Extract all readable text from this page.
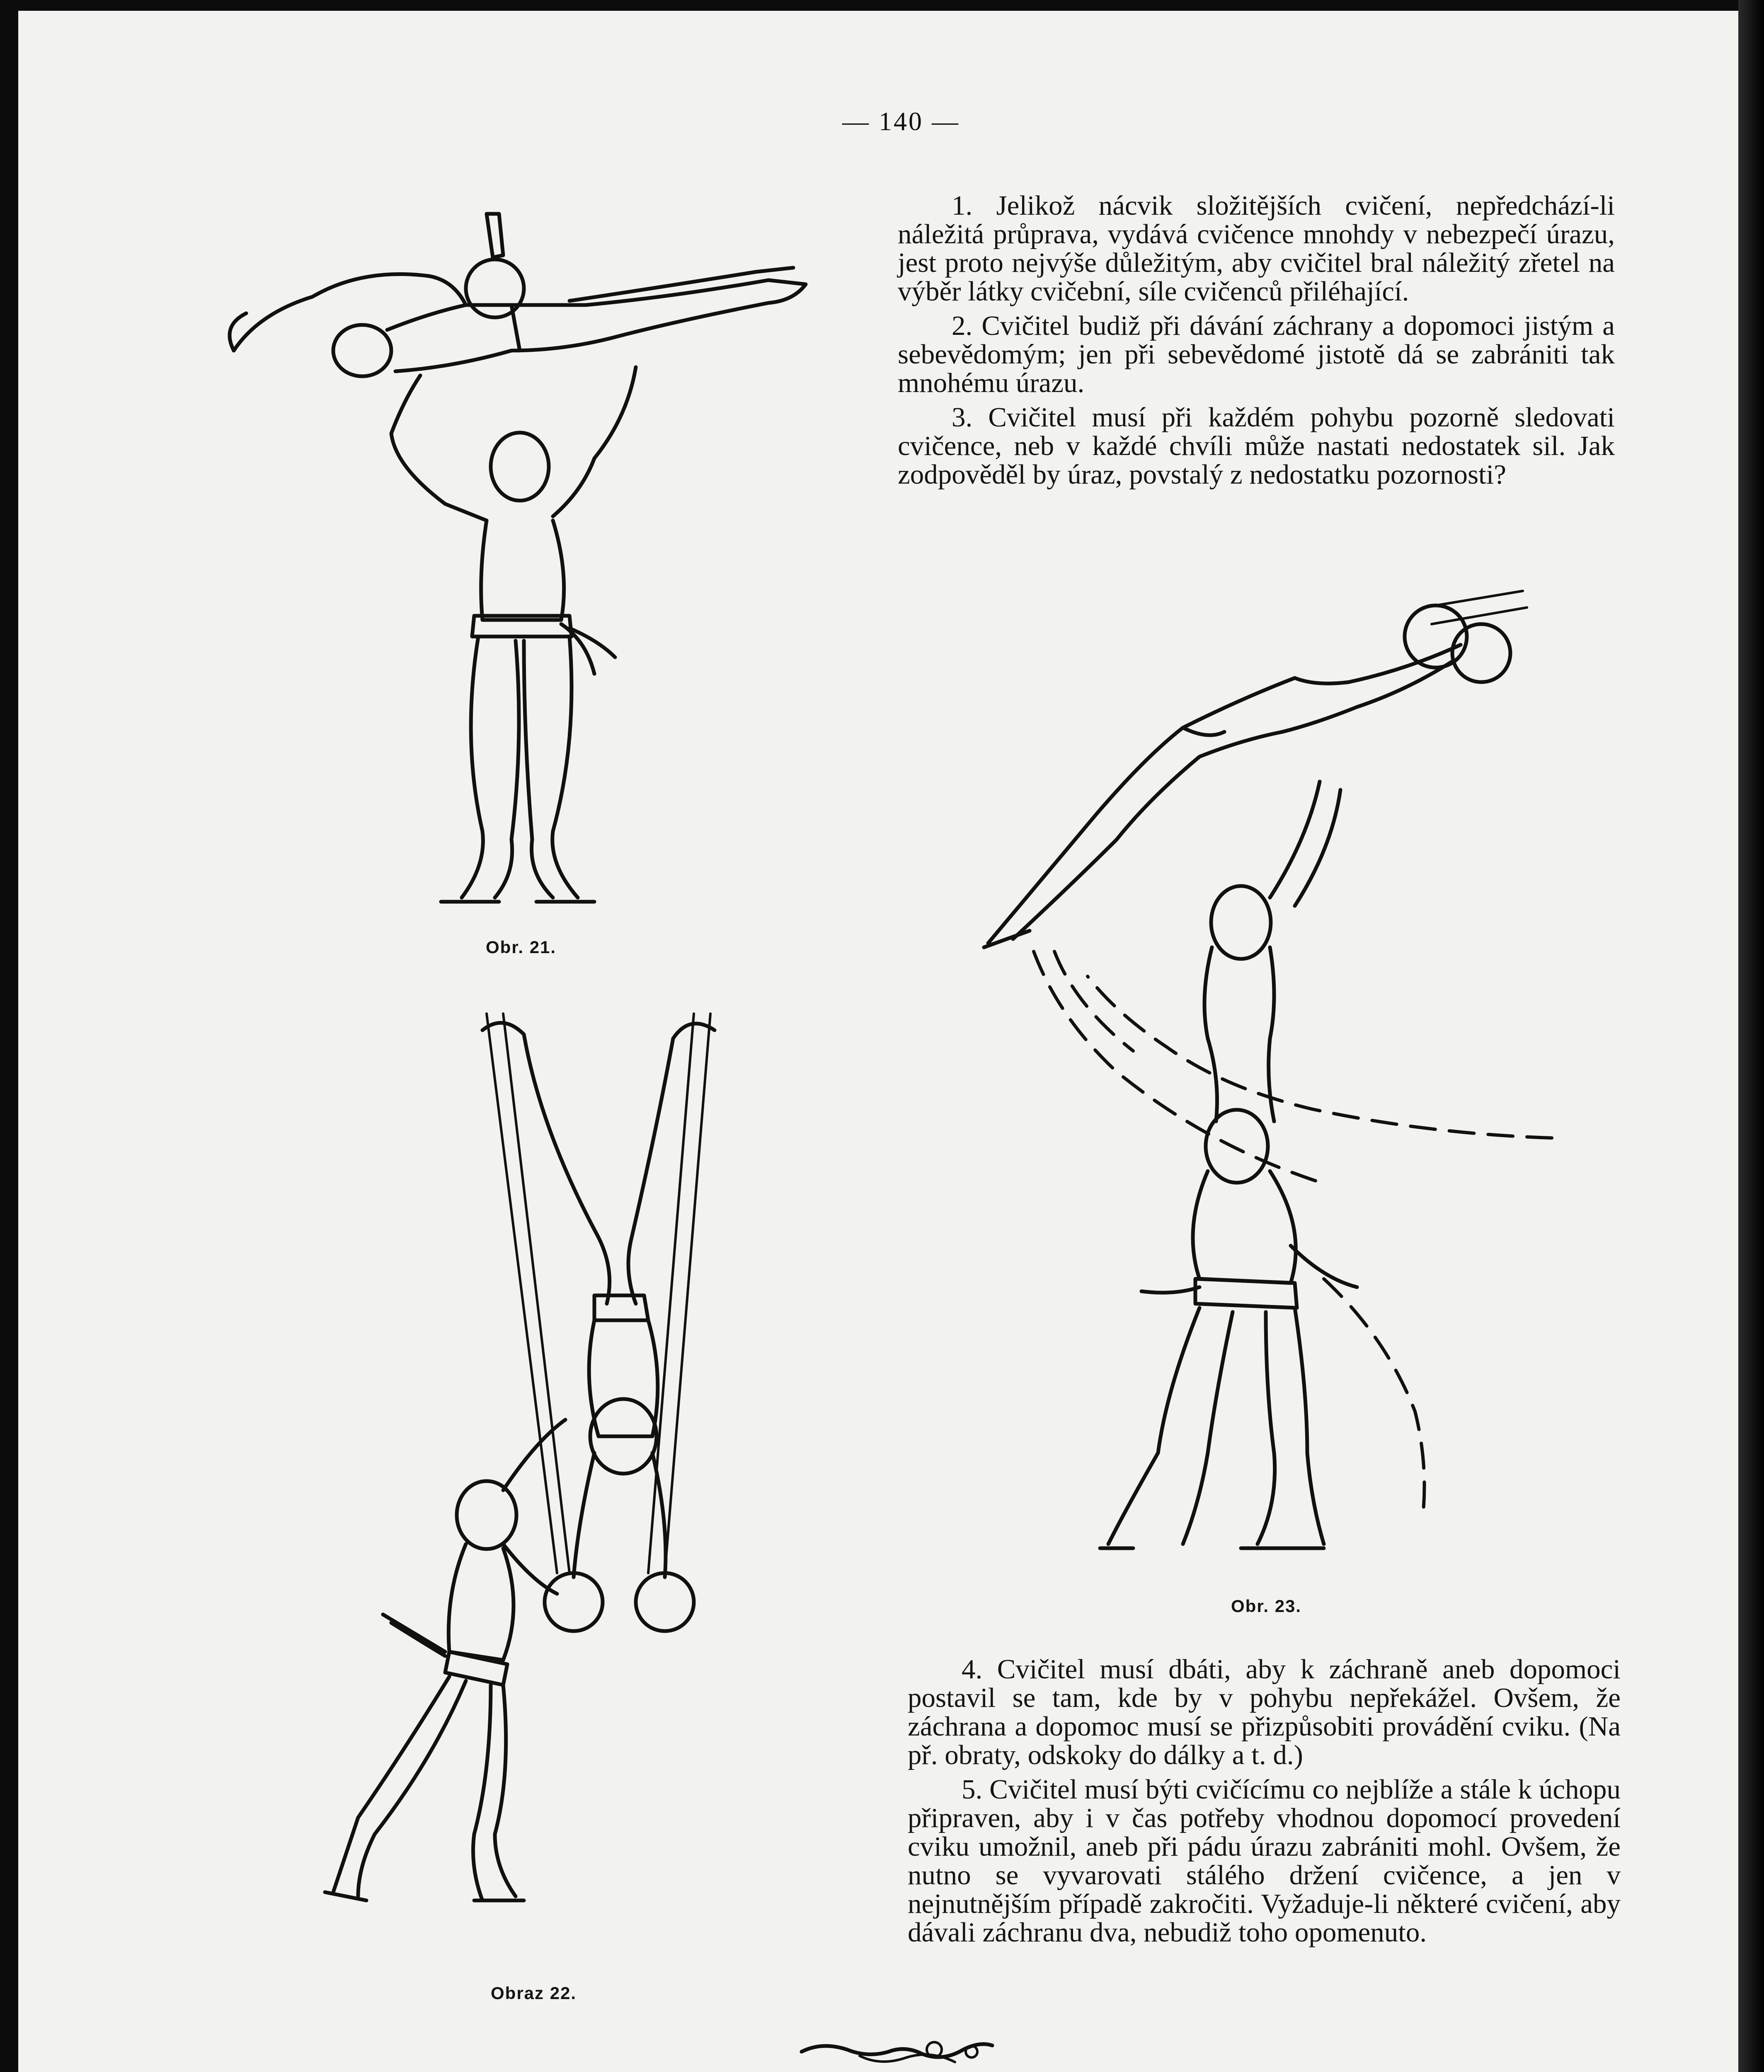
— 140 —

1. Jelikož nácvik složitějších cvičení, nepředchází-li náležitá průprava, vydává cvičence mnohdy v nebezpečí úrazu, jest proto nejvýše důležitým, aby cvičitel bral náležitý zřetel na výběr látky cvičební, síle cvičenců přiléhající.

2. Cvičitel budiž při dávání záchrany a dopomoci jistým a sebevědomým; jen při sebevědomé jistotě dá se zabrániti tak mnohému úrazu.

3. Cvičitel musí při každém pohybu pozorně sledovati cvičence, neb v každé chvíli může nastati nedostatek sil. Jak zodpověděl by úraz, povstalý z nedostatku pozornosti?

Obr. 21.
Obraz 22.
Obr. 23.

4. Cvičitel musí dbáti, aby k záchraně aneb dopomoci postavil se tam, kde by v pohybu nepřekážel. Ovšem, že záchrana a dopomoc musí se přizpůsobiti provádění cviku. (Na př. obraty, odskoky do dálky a t. d.)

5. Cvičitel musí býti cvičícímu co nejblíže a stále k úchopu připraven, aby i v čas potřeby vhodnou dopomocí provedení cviku umožnil, aneb při pádu úrazu zabrániti mohl. Ovšem, že nutno se vyvarovati stálého držení cvičence, a jen v nejnutnějším případě zakročiti. Vyžaduje-li některé cvičení, aby dávali záchranu dva, nebudiž toho opomenuto.
